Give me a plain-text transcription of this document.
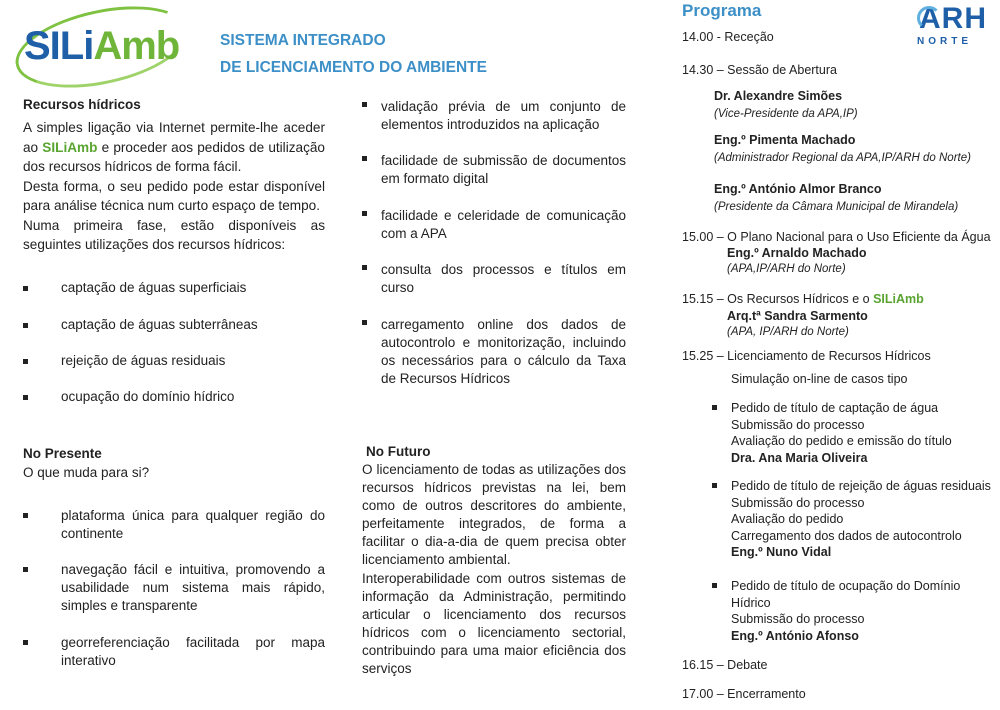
SILiAmb	SISTEMA INTEGRADO
DE LICENCIAMENTO DO AMBIENTE
ARH
NORTE
Recursos hídricos

A simples ligação via Internet permite-lhe aceder ao SILiAmb e proceder aos pedidos de utilização dos recursos hídricos de forma fácil.

Desta forma, o seu pedido pode estar disponível para análise técnica num curto espaço de tempo.

Numa primeira fase, estão disponíveis as seguintes utilizações dos recursos hídricos:

captação de águas superficiais
captação de águas subterrâneas
rejeição de águas residuais
ocupação do domínio hídrico
No Presente
O que muda para si?
plataforma única para qualquer região do continente
navegação fácil e intuitiva, promovendo a usabilidade num sistema mais rápido, simples e transparente
georreferenciação facilitada por mapa interativo
validação prévia de um conjunto de elementos introduzidos na aplicação
facilidade de submissão de documentos em formato digital
facilidade e celeridade de comunicação com a APA
consulta dos processos e títulos em curso
carregamento online dos dados de autocontrolo e monitorização, incluindo os necessários para o cálculo da Taxa de Recursos Hídricos
No Futuro

O licenciamento de todas as utilizações dos recursos hídricos previstas na lei, bem como de outros descritores do ambiente, perfeitamente integrados, de forma a facilitar o dia-a-dia de quem precisa obter licenciamento ambiental.

Interoperabilidade com outros sistemas de informação da Administração, permitindo articular o licenciamento dos recursos hídricos com o licenciamento sectorial, contribuindo para uma maior eficiência dos serviços

Programa
14.00 - Receção
14.30 – Sessão de Abertura
Dr. Alexandre Simões
(Vice-Presidente da APA,IP)
Eng.º Pimenta Machado
(Administrador Regional da APA,IP/ARH do Norte)
Eng.º António Almor Branco
(Presidente da Câmara Municipal de Mirandela)
15.00 – O Plano Nacional para o Uso Eficiente da Água
Eng.º Arnaldo Machado
(APA,IP/ARH do Norte)
15.15 – Os Recursos Hídricos e o SILiAmb
Arq.tª Sandra Sarmento
(APA, IP/ARH do Norte)
15.25 – Licenciamento de Recursos Hídricos
Simulação on-line de casos tipo
Pedido de título de captação de água
Submissão do processo
Avaliação do pedido e emissão do título
Dra. Ana Maria Oliveira
Pedido de título de rejeição de águas residuais
Submissão do processo
Avaliação do pedido
Carregamento dos dados de autocontrolo
Eng.º Nuno Vidal
Pedido de título de ocupação do Domínio Hídrico
Submissão do processo
Eng.º António Afonso
16.15 – Debate
17.00 – Encerramento
